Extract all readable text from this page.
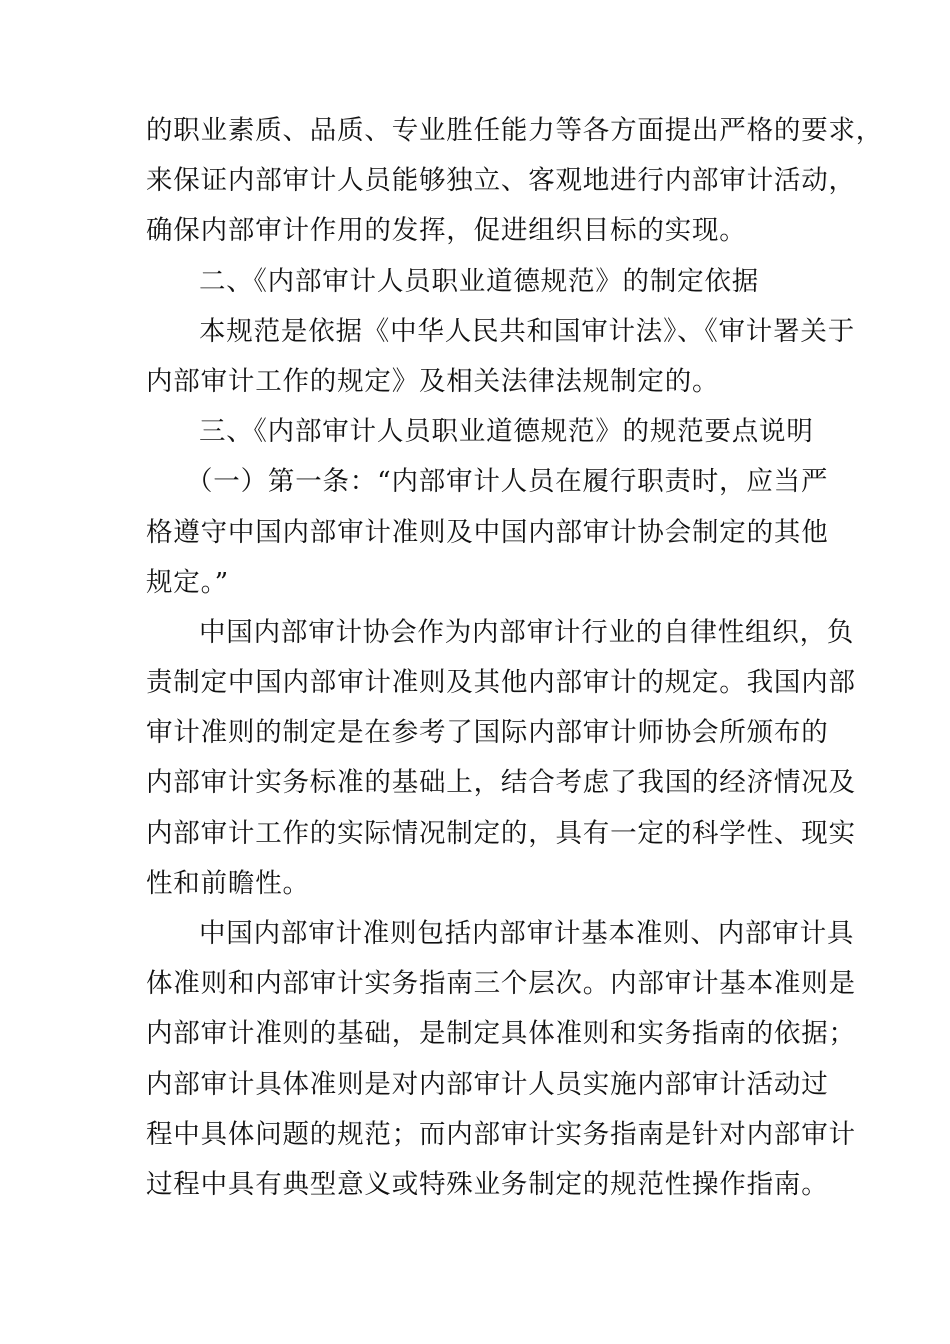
的职业素质、品质、专业胜任能力等各方面提出严格的要求，
来保证内部审计人员能够独立、客观地进行内部审计活动，
确保内部审计作用的发挥，促进组织目标的实现。
二、《内部审计人员职业道德规范》的制定依据
本规范是依据《中华人民共和国审计法》、《审计署关于
内部审计工作的规定》及相关法律法规制定的。
三、《内部审计人员职业道德规范》的规范要点说明
（一）第一条：“内部审计人员在履行职责时，应当严
格遵守中国内部审计准则及中国内部审计协会制定的其他
规定。”
中国内部审计协会作为内部审计行业的自律性组织，负
责制定中国内部审计准则及其他内部审计的规定。我国内部
审计准则的制定是在参考了国际内部审计师协会所颁布的
内部审计实务标准的基础上，结合考虑了我国的经济情况及
内部审计工作的实际情况制定的，具有一定的科学性、现实
性和前瞻性。
中国内部审计准则包括内部审计基本准则、内部审计具
体准则和内部审计实务指南三个层次。内部审计基本准则是
内部审计准则的基础，是制定具体准则和实务指南的依据；
内部审计具体准则是对内部审计人员实施内部审计活动过
程中具体问题的规范；而内部审计实务指南是针对内部审计
过程中具有典型意义或特殊业务制定的规范性操作指南。
